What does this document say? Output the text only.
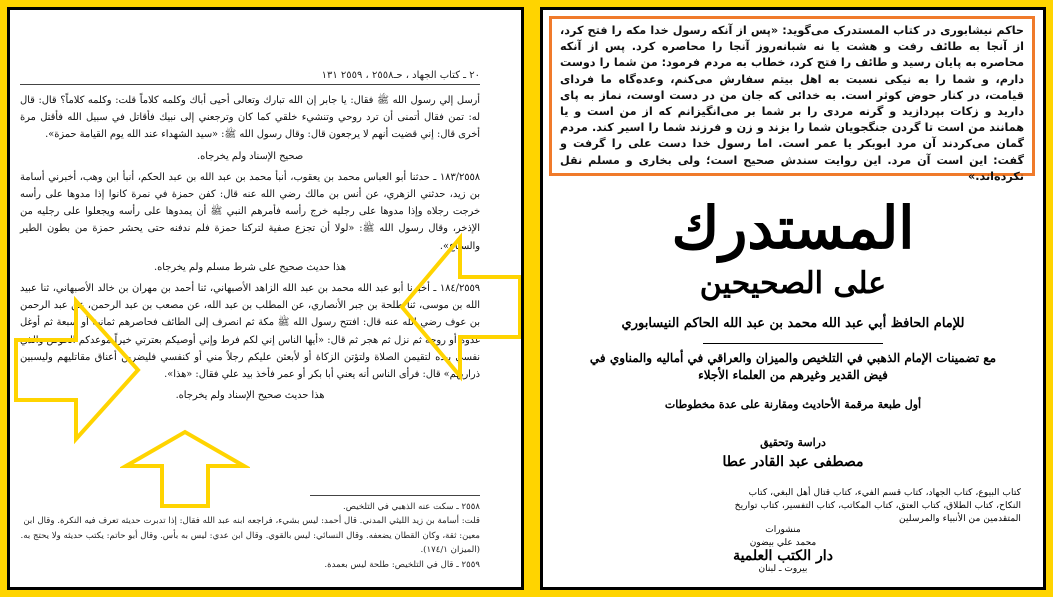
٢٠ ـ كتاب الجهاد ، حـ٢٥٥٨ ، ٢٥٥٩ ١٣١

أرسل إلي رسول الله ﷺ فقال: يا جابر إن الله تبارك وتعالى أحيى أباك وكلمه كلاماً قلت: وكلمه كلاماً؟ قال: قال له: تمن فقال أتمنى أن ترد روحي وتنشيء خلقي كما كان وترجعني إلى نبيك فأقاتل في سبيل الله فأقتل مرة أخرى قال: إني قضيت أنهم لا يرجعون قال: وقال رسول الله ﷺ: «سيد الشهداء عند الله يوم القيامة حمزة».

صحيح الإسناد ولم يخرجاه.

١٨٣/٢٥٥٨ ـ حدثنا أبو العباس محمد بن يعقوب، أنبأ محمد بن عبد الله بن عبد الحكم، أنبأ ابن وهب، أخبرني أسامة بن زيد، حدثني الزهري، عن أنس بن مالك رضي الله عنه قال: كفن حمزة في نمرة كانوا إذا مدوها على رأسه خرجت رجلاه وإذا مدوها على رجليه خرج رأسه فأمرهم النبي ﷺ أن يمدوها على رأسه ويجعلوا على رجليه من الإذخر، وقال رسول الله ﷺ: «لولا أن تجزع صفية لتركنا حمزة فلم ندفنه حتى يحشر حمزة من بطون الطير والسباع».

هذا حديث صحيح على شرط مسلم ولم يخرجاه.

١٨٤/٢٥٥٩ ـ أخبرنا أبو عبد الله محمد بن عبد الله الزاهد الأصبهاني، ثنا أحمد بن مهران بن خالد الأصبهاني، ثنا عبيد الله بن موسى، ثنا طلحة بن جبر الأنصاري، عن المطلب بن عبد الله، عن مصعب بن عبد الرحمن، عن عبد الرحمن بن عوف رضي الله عنه قال: افتتح رسول الله ﷺ مكة ثم انصرف إلى الطائف فحاصرهم ثمانية أو سبعة ثم أوغل غدوة أو روحة ثم نزل ثم هجر ثم قال: «أيها الناس إني لكم فرط وإني أوصيكم بعترتي خيراً موعدكم الحوض والذي نفسي بيده لتقيمن الصلاة ولتؤتن الزكاة أو لأبعثن عليكم رجلاً مني أو كنفسي فليضربن أعناق مقاتليهم وليسبين ذراريهم» قال: فرأى الناس أنه يعني أبا بكر أو عمر فأخذ بيد علي فقال: «هذا».

هذا حديث صحيح الإسناد ولم يخرجاه.

٢٥٥٨ ـ سكت عنه الذهبي في التلخيص.

قلت: أسامة بن زيد الليثي المدني. قال أحمد: ليس بشيء، فراجعه ابنه عبد الله فقال: إذا تدبرت حديثه تعرف فيه النكرة. وقال ابن معين: ثقة، وكان القطان يضعفه. وقال النسائي: ليس بالقوي. وقال ابن عدي: ليس به بأس. وقال أبو حاتم: يكتب حديثه ولا يحتج به. (الميزان ١٧٤/١).

٢٥٥٩ ـ قال في التلخيص: طلحة ليس بعمدة.

حاکم نیشابوری در کتاب المستدرک می‌گوید: «پس از آنکه رسول خدا مکه را فتح کرد، از آنجا به طائف رفت و هشت یا نه شبانه‌روز آنجا را محاصره کرد. پس از آنکه محاصره به پایان رسید و طائف را فتح کرد، خطاب به مردم فرمود: من شما را دوست دارم، و شما را به نیکی نسبت به اهل بیتم سفارش می‌کنم، وعده‌گاه ما فردای قیامت، در کنار حوض کوثر است. به خدائی که جان من در دست اوست، نماز به پای دارید و زکات بپردازید و گرنه مردی را بر شما بر می‌انگیزانم که از من است و یا همانند من است تا گردن جنگجویان شما را بزند و زن و فرزند شما را اسیر کند. مردم گمان می‌کردند آن مرد ابوبکر یا عمر است. اما رسول خدا دست علی را گرفت و گفت: این است آن مرد. این روایت سندش صحیح است؛ ولی بخاری و مسلم نقل نکرده‌اند.»
المستدرك
على الصحيحين
للإمام الحافظ أبي عبد الله محمد بن عبد الله الحاكم النيسابوري
مع تضمينات الإمام الذهبي في التلخيص والميزان والعراقي في أماليه والمناوي في فيض القدير وغيرهم من العلماء الأجلاء
أول طبعة مرقمة الأحاديث ومقارنة على عدة مخطوطات
دراسة وتحقيق
مصطفى عبد القادر عطا
كتاب البيوع، كتاب الجهاد، كتاب قسم الفيء، كتاب قتال أهل البغي، كتاب النكاح، كتاب الطلاق، كتاب العتق، كتاب المكاتب، كتاب التفسير، كتاب تواريخ المتقدمين من الأنبياء والمرسلين
منشورات
محمد علي بيضون
دار الكتب العلمية
بيروت ـ لبنان
